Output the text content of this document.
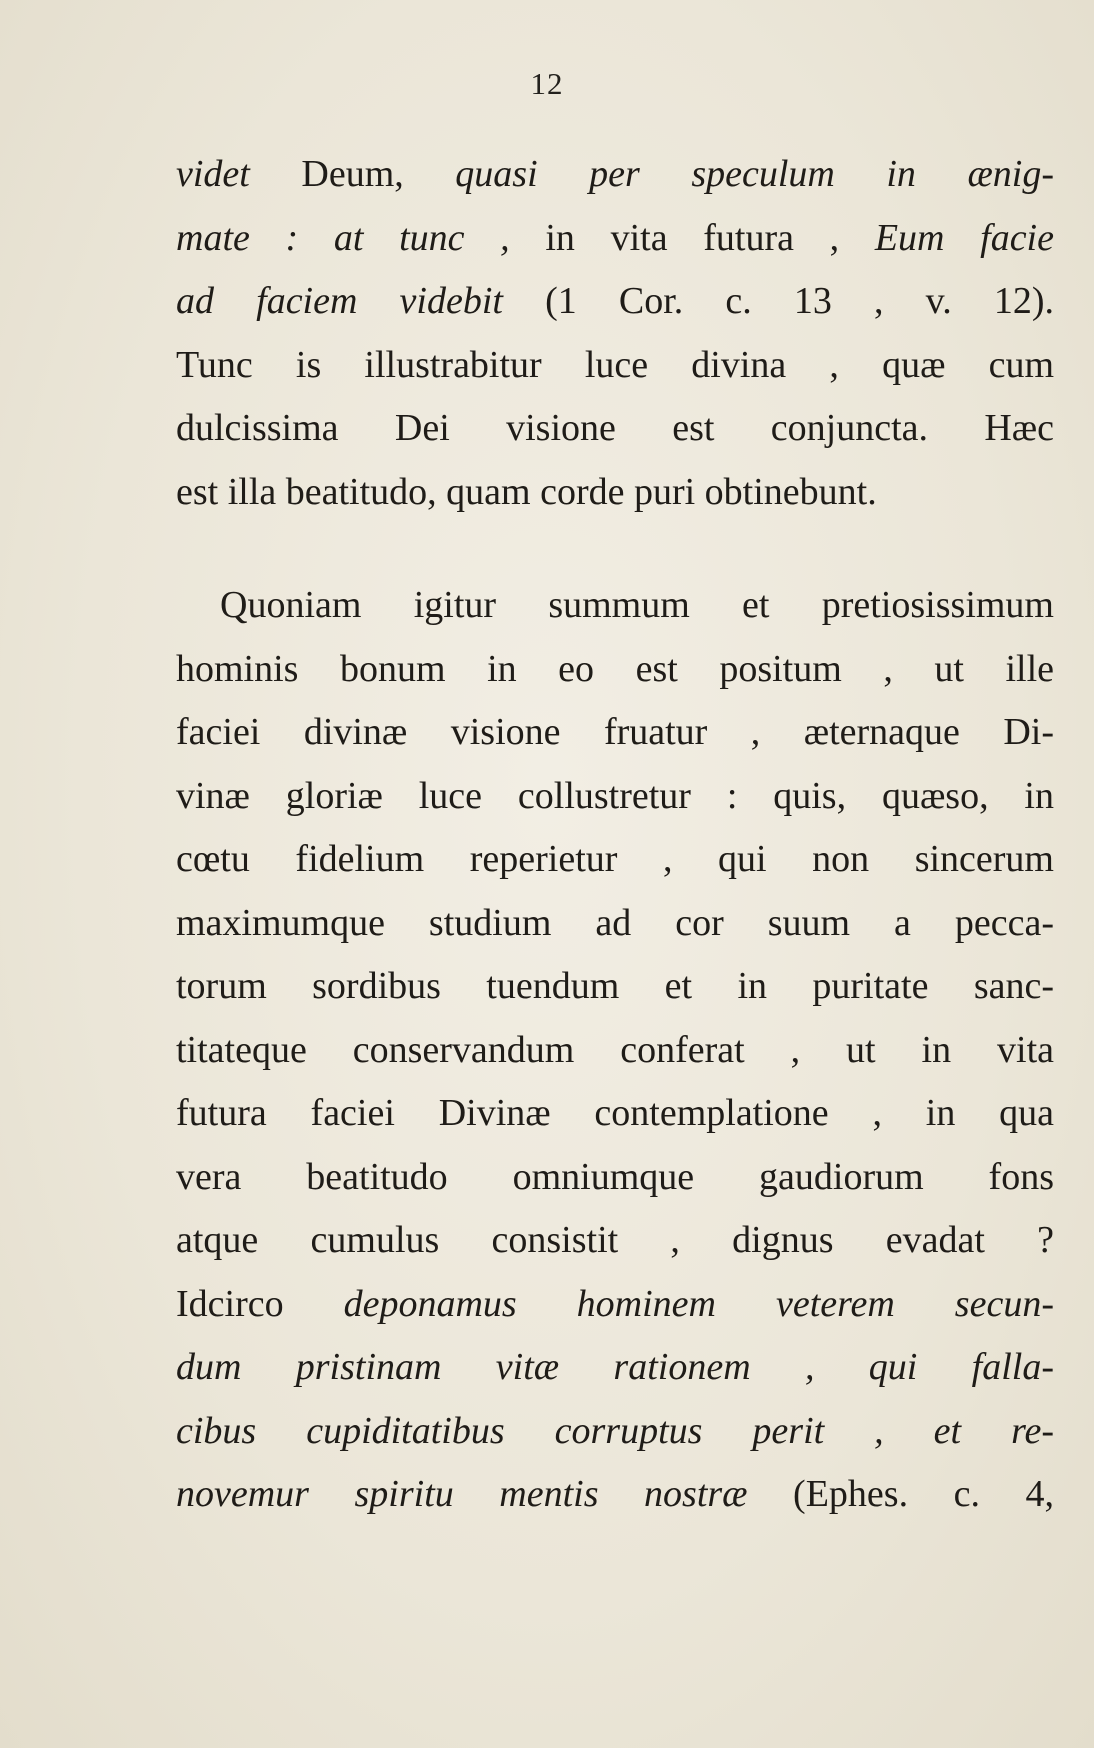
12
videt Deum, quasi per speculum in ænig-
mate : at tunc , in vita futura , Eum facie
ad faciem videbit (1 Cor. c. 13 , v. 12).
Tunc is illustrabitur luce divina , quæ cum
dulcissima Dei visione est conjuncta. Hæc
est illa beatitudo, quam corde puri obtinebunt.
Quoniam igitur summum et pretiosissimum
hominis bonum in eo est positum , ut ille
faciei divinæ visione fruatur , æternaque Di-
vinæ gloriæ luce collustretur : quis, quæso, in
cœtu fidelium reperietur , qui non sincerum
maximumque studium ad cor suum a pecca-
torum sordibus tuendum et in puritate sanc-
titateque conservandum conferat , ut in vita
futura faciei Divinæ contemplatione , in qua
vera beatitudo omniumque gaudiorum fons
atque cumulus consistit , dignus evadat ?
Idcirco deponamus hominem veterem secun-
dum pristinam vitæ rationem , qui falla-
cibus cupiditatibus corruptus perit , et re-
novemur spiritu mentis nostræ (Ephes. c. 4,
